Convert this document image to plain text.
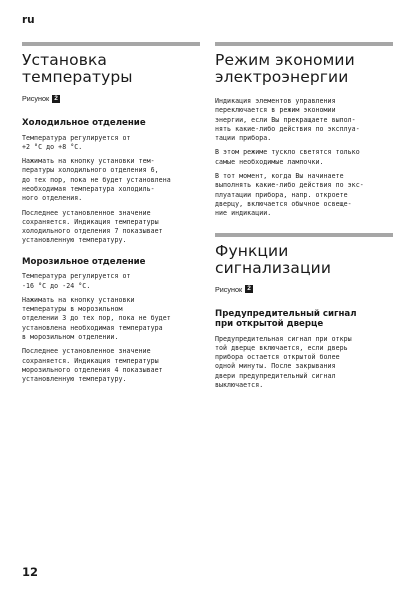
ru
Установка
температуры
Рисунок 2
Холодильное отделение
Температура регулируется от
+2 °C до +8 °C.
Нажимать на кнопку установки тем-
пературы холодильного отделения 6,
до тех пор, пока не будет установлена
необходимая температура холодиль-
ного отделения.
Последнее установленное значение
сохраняется. Индикация температуры
холодильного отделения 7 показывает
установленную температуру.
Морозильное отделение
Температура регулируется от
-16 °C до -24 °C.
Нажимать на кнопку установки
температуры в морозильном
отделении 3 до тех пор, пока не будет
установлена необходимая температура
в морозильном отделении.
Последнее установленное значение
сохраняется. Индикация температуры
морозильного отделения 4 показывает
установленную температуру.
Режим экономии
электроэнергии
Индикация элементов управления
переключается в режим экономии
энергии, если Вы прекращаете выпол-
нять какие-либо действия по эксплуа-
тации прибора.
В этом режиме тускло светятся только
самые необходимые лампочки.
В тот момент, когда Вы начинаете
выполнять какие-либо действия по экс-
плуатации прибора, напр. откроете
дверцу, включается обычное освеще-
ние индикации.
Функции
сигнализации
Рисунок 2
Предупредительный сигнал
при открытой дверце
Предупредительная сигнал при откры
той дверце включается, если дверь
прибора остается открытой более
одной минуты. После закрывания
двери предупредительный сигнал
выключается.
12
